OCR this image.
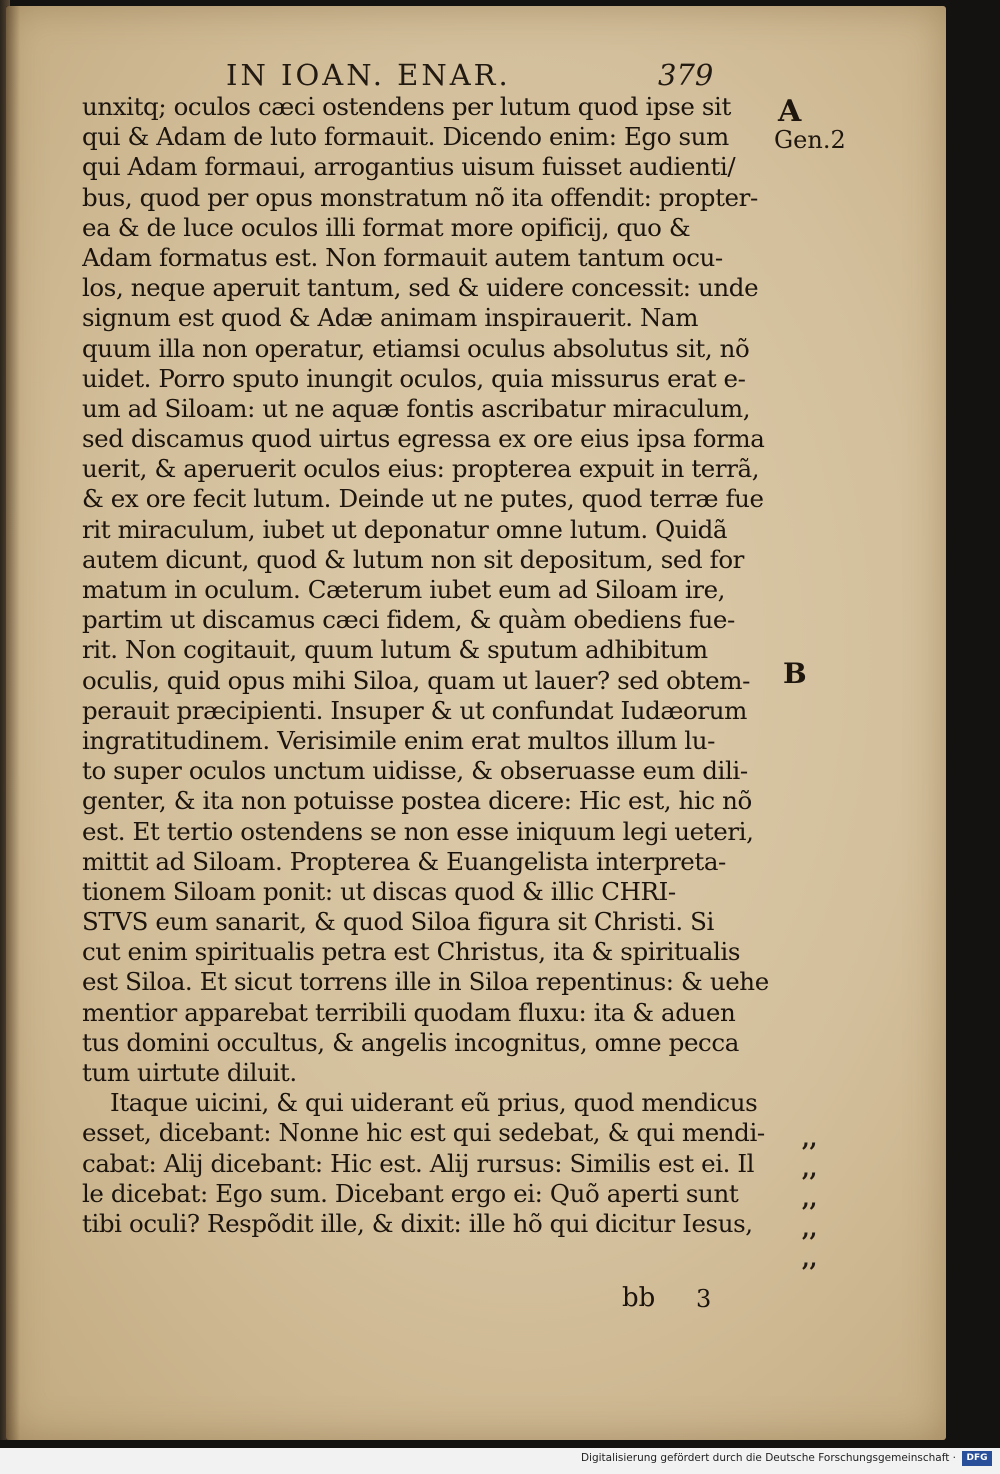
IN IOAN. ENAR.	379
A
Gen.2
B
unxitq; oculos cæci ostendens per lutum quod ipse sit
qui & Adam de luto formauit. Dicendo enim: Ego sum
qui Adam formaui, arrogantius uisum fuisset audienti/
bus, quod per opus monstratum nõ ita offendit: propter-
ea & de luce oculos illi format more opificij, quo &
Adam formatus est. Non formauit autem tantum ocu-
los, neque aperuit tantum, sed & uidere concessit: unde
signum est quod & Adæ animam inspirauerit. Nam
quum illa non operatur, etiamsi oculus absolutus sit, nõ
uidet. Porro sputo inungit oculos, quia missurus erat e-
um ad Siloam: ut ne aquæ fontis ascribatur miraculum,
sed discamus quod uirtus egressa ex ore eius ipsa forma
uerit, & aperuerit oculos eius: propterea expuit in terrã,
& ex ore fecit lutum. Deinde ut ne putes, quod terræ fue
rit miraculum, iubet ut deponatur omne lutum. Quidã
autem dicunt, quod & lutum non sit depositum, sed for
matum in oculum. Cæterum iubet eum ad Siloam ire,
partim ut discamus cæci fidem, & quàm obediens fue-
rit. Non cogitauit, quum lutum & sputum adhibitum
oculis, quid opus mihi Siloa, quam ut lauer? sed obtem-
perauit præcipienti. Insuper & ut confundat Iudæorum
ingratitudinem. Verisimile enim erat multos illum lu-
to super oculos unctum uidisse, & obseruasse eum dili-
genter, & ita non potuisse postea dicere: Hic est, hic nõ
est. Et tertio ostendens se non esse iniquum legi ueteri,
mittit ad Siloam. Propterea & Euangelista interpreta-
tionem Siloam ponit: ut discas quod & illic CHRI-
STVS eum sanarit, & quod Siloa figura sit Christi. Si
cut enim spiritualis petra est Christus, ita & spiritualis
est Siloa. Et sicut torrens ille in Siloa repentinus: & uehe
mentior apparebat terribili quodam fluxu: ita & aduen
tus domini occultus, & angelis incognitus, omne pecca
tum uirtute diluit.
Itaque uicini, & qui uiderant eũ prius, quod mendicus
esset, dicebant: Nonne hic est qui sedebat, & qui mendi-
cabat: Alij dicebant: Hic est. Alij rursus: Similis est ei. Il
le dicebat: Ego sum. Dicebant ergo ei: Quõ aperti sunt
tibi oculi? Respõdit ille, & dixit: ille hõ qui dicitur Iesus,
,,
,,
,,
,,
,,
bb 3
Digitalisierung gefördert durch die Deutsche Forschungsgemeinschaft ·	DFG
